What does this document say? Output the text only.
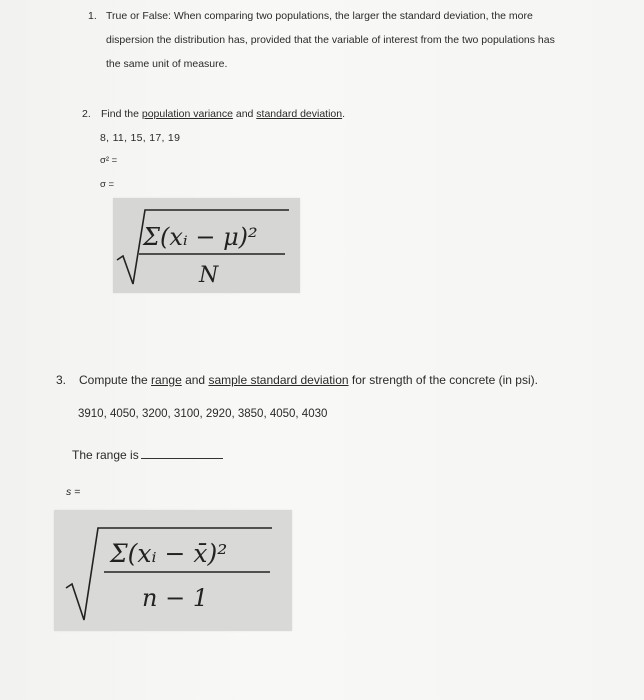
1. True or False: When comparing two populations, the larger the standard deviation, the more
dispersion the distribution has, provided that the variable of interest from the two populations has
the same unit of measure.
2. Find the population variance and standard deviation.
8, 11, 15, 17, 19
σ² =
σ =
Σ(xᵢ − μ)²
N
3. Compute the range and sample standard deviation for strength of the concrete (in psi).
3910, 4050, 3200, 3100, 2920, 3850, 4050, 4030
The range is
s =
Σ(xᵢ − x̄)²
n − 1
